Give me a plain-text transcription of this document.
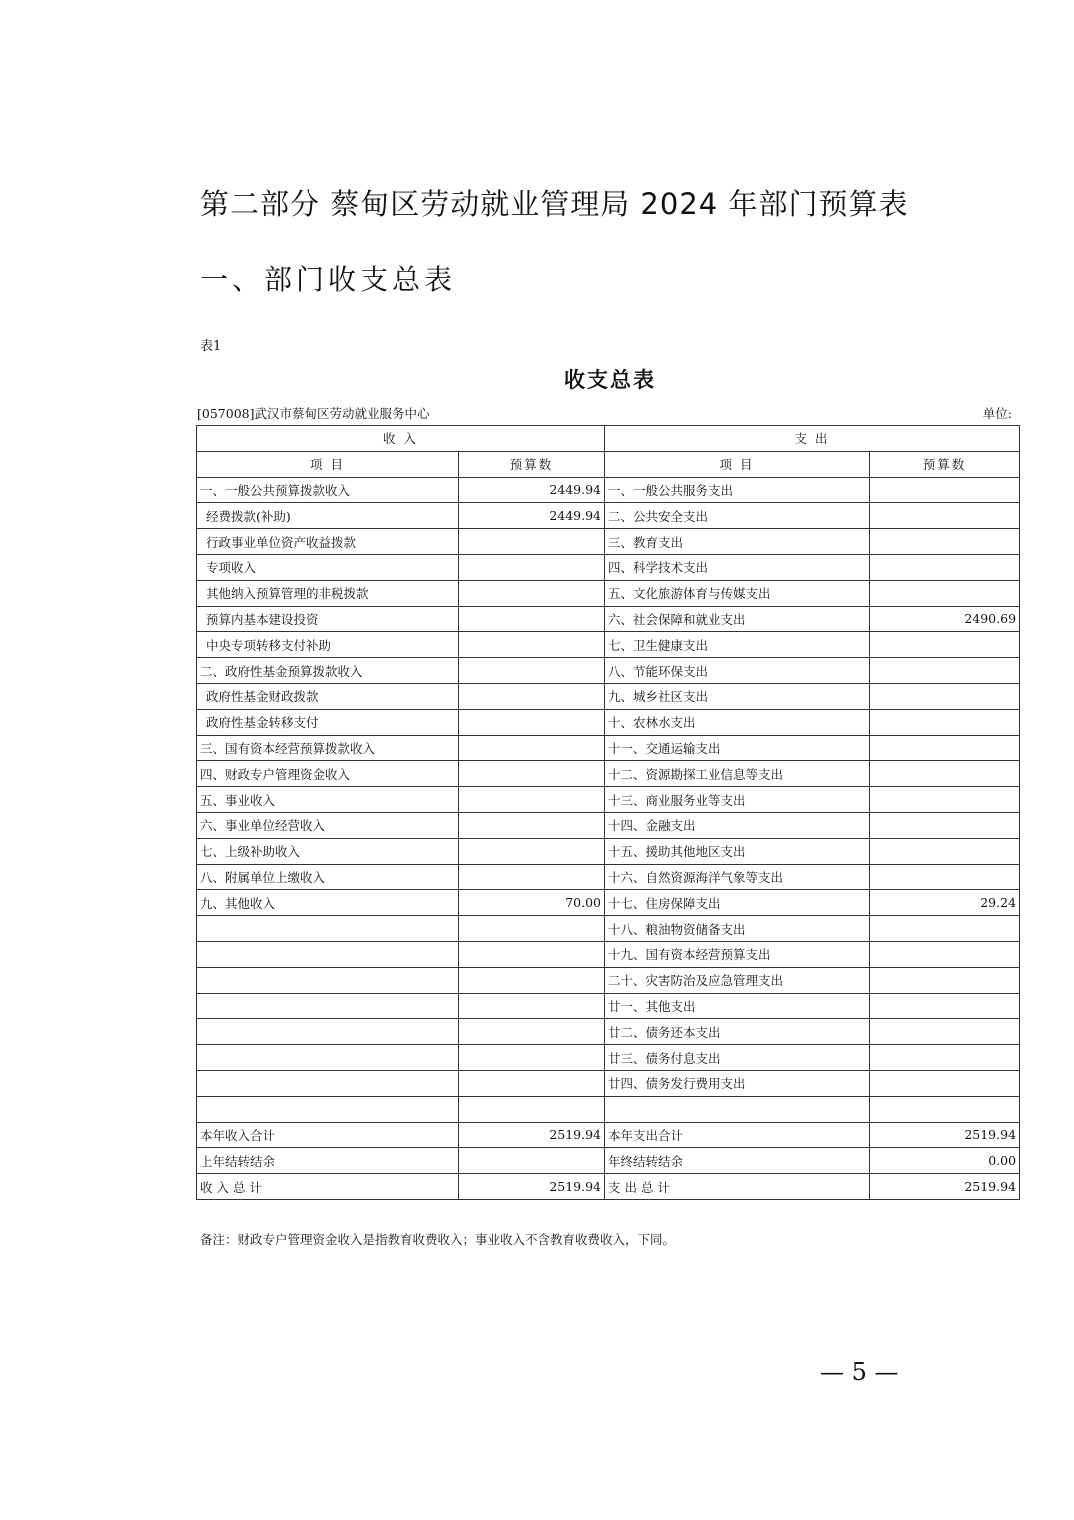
第二部分 蔡甸区劳动就业管理局 2024 年部门预算表
一、部门收支总表
表1
收支总表
[057008]武汉市蔡甸区劳动就业服务中心	单位:
收 入		支 出	
项 目	预算数	项 目	预算数
一、一般公共预算拨款收入	2449.94	一、一般公共服务支出	
经费拨款(补助)	2449.94	二、公共安全支出	
行政事业单位资产收益拨款		三、教育支出	
专项收入		四、科学技术支出	
其他纳入预算管理的非税拨款		五、文化旅游体育与传媒支出	
预算内基本建设投资		六、社会保障和就业支出	2490.69
中央专项转移支付补助		七、卫生健康支出	
二、政府性基金预算拨款收入		八、节能环保支出	
政府性基金财政拨款		九、城乡社区支出	
政府性基金转移支付		十、农林水支出	
三、国有资本经营预算拨款收入		十一、交通运输支出	
四、财政专户管理资金收入		十二、资源勘探工业信息等支出	
五、事业收入		十三、商业服务业等支出	
六、事业单位经营收入		十四、金融支出	
七、上级补助收入		十五、援助其他地区支出	
八、附属单位上缴收入		十六、自然资源海洋气象等支出	
九、其他收入	70.00	十七、住房保障支出	29.24
		十八、粮油物资储备支出	
		十九、国有资本经营预算支出	
		二十、灾害防治及应急管理支出	
		廿一、其他支出	
		廿二、债务还本支出	
		廿三、债务付息支出	
		廿四、债务发行费用支出	

本年收入合计	2519.94	本年支出合计	2519.94
上年结转结余		年终结转结余	0.00
收 入 总 计	2519.94	支 出 总 计	2519.94
备注：财政专户管理资金收入是指教育收费收入；事业收入不含教育收费收入，下同。
— 5 —
